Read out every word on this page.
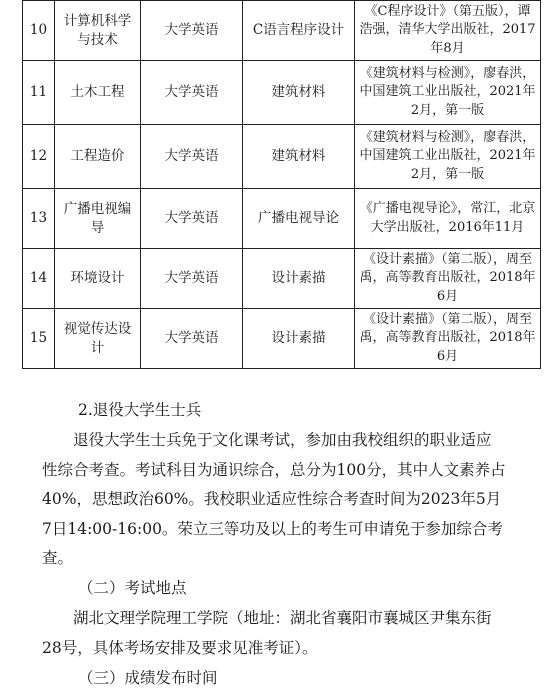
10	计算机科学与技术	大学英语	C语言程序设计	《C程序设计》（第五版），谭浩强，清华大学出版社，2017年8月
11	土木工程	大学英语	建筑材料	《建筑材料与检测》，廖春洪，中国建筑工业出版社，2021年2月，第一版
12	工程造价	大学英语	建筑材料	《建筑材料与检测》，廖春洪，中国建筑工业出版社，2021年2月，第一版
13	广播电视编导	大学英语	广播电视导论	《广播电视导论》，常江，北京大学出版社，2016年11月
14	环境设计	大学英语	设计素描	《设计素描》（第二版），周至禹，高等教育出版社，2018年6月
15	视觉传达设计	大学英语	设计素描	《设计素描》（第二版），周至禹，高等教育出版社，2018年6月

2.退役大学生士兵

退役大学生士兵免于文化课考试，参加由我校组织的职业适应性综合考查。考试科目为通识综合，总分为100分，其中人文素养占40%，思想政治60%。我校职业适应性综合考查时间为2023年5月7日14:00-16:00。荣立三等功及以上的考生可申请免于参加综合考查。

（二）考试地点

湖北文理学院理工学院（地址：湖北省襄阳市襄城区尹集东街28号，具体考场安排及要求见准考证）。

（三）成绩发布时间
